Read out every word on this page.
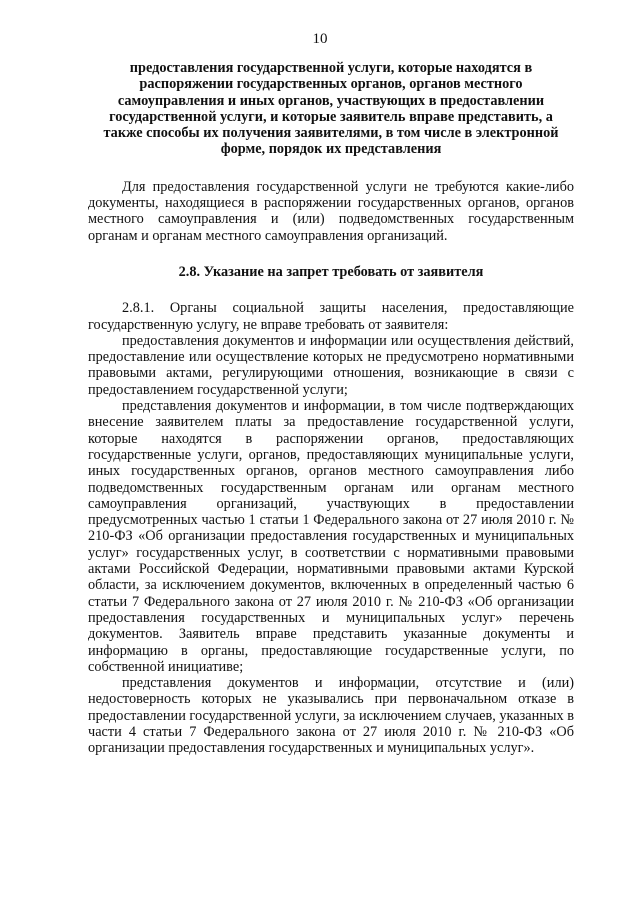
10
предоставления государственной услуги, которые находятся в
распоряжении государственных органов, органов местного
самоуправления и иных органов, участвующих в предоставлении
государственной услуги, и которые заявитель вправе представить, а
также способы их получения заявителями, в том числе в электронной
форме, порядок их представления

Для предоставления государственной услуги не требуются какие-либо документы, находящиеся в распоряжении государственных органов, органов местного самоуправления и (или) подведомственных государственным органам и органам местного самоуправления организаций.

2.8. Указание на запрет требовать от заявителя

2.8.1. Органы социальной защиты населения, предоставляющие государственную услугу, не вправе требовать от заявителя:

предоставления документов и информации или осуществления действий, предоставление или осуществление которых не предусмотрено нормативными правовыми актами, регулирующими отношения, возникающие в связи с предоставлением государственной услуги;

представления документов и информации, в том числе подтверждающих внесение заявителем платы за предоставление государственной услуги, которые находятся в распоряжении органов, предоставляющих государственные услуги, органов, предоставляющих муниципальные услуги, иных государственных органов, органов местного самоуправления либо подведомственных государственным органам или органам местного самоуправления организаций, участвующих в предоставлении предусмотренных частью 1 статьи 1 Федерального закона от 27 июля 2010 г. № 210-ФЗ «Об организации предоставления государственных и муниципальных услуг» государственных услуг, в соответствии с нормативными правовыми актами Российской Федерации, нормативными правовыми актами Курской области, за исключением документов, включенных в определенный частью 6 статьи 7 Федерального закона от 27 июля 2010 г. № 210-ФЗ «Об организации предоставления государственных и муниципальных услуг» перечень документов. Заявитель вправе представить указанные документы и информацию в органы, предоставляющие государственные услуги, по собственной инициативе;

представления документов и информации, отсутствие и (или) недостоверность которых не указывались при первоначальном отказе в предоставлении государственной услуги, за исключением случаев, указанных в части 4 статьи 7 Федерального закона от 27 июля 2010 г. № 210-ФЗ «Об организации предоставления государственных и муниципальных услуг».
